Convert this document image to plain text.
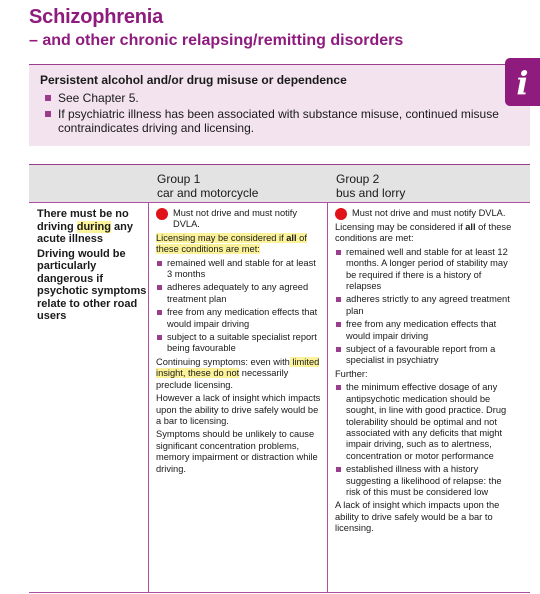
Schizophrenia
– and other chronic relapsing/remitting disorders
Persistent alcohol and/or drug misuse or dependence
See Chapter 5.
If psychiatric illness has been associated with substance misuse, continued misuse contraindicates driving and licensing.
i
Group 1
car and motorcycle
Group 2
bus and lorry

There must be no driving during any acute illness

Driving would be particularly dangerous if psychotic symptoms relate to other road users

Must not drive and must notify DVLA.

Licensing may be considered if all of these conditions are met:

remained well and stable for at least 3 months
adheres adequately to any agreed treatment plan
free from any medication effects that would impair driving
subject to a suitable specialist report being favourable

Continuing symptoms: even with limited insight, these do not necessarily preclude licensing.

However a lack of insight which impacts upon the ability to drive safely would be a bar to licensing.

Symptoms should be unlikely to cause significant concentration problems, memory impairment or distraction while driving.

Must not drive and must notify DVLA.

Licensing may be considered if all of these conditions are met:

remained well and stable for at least 12 months. A longer period of stability may be required if there is a history of relapses
adheres strictly to any agreed treatment plan
free from any medication effects that would impair driving
subject of a favourable report from a specialist in psychiatry

Further:

the minimum effective dosage of any antipsychotic medication should be sought, in line with good practice. Drug tolerability should be optimal and not associated with any deficits that might impair driving, such as to alertness, concentration or motor performance
established illness with a history suggesting a likelihood of relapse: the risk of this must be considered low

A lack of insight which impacts upon the ability to drive safely would be a bar to licensing.
